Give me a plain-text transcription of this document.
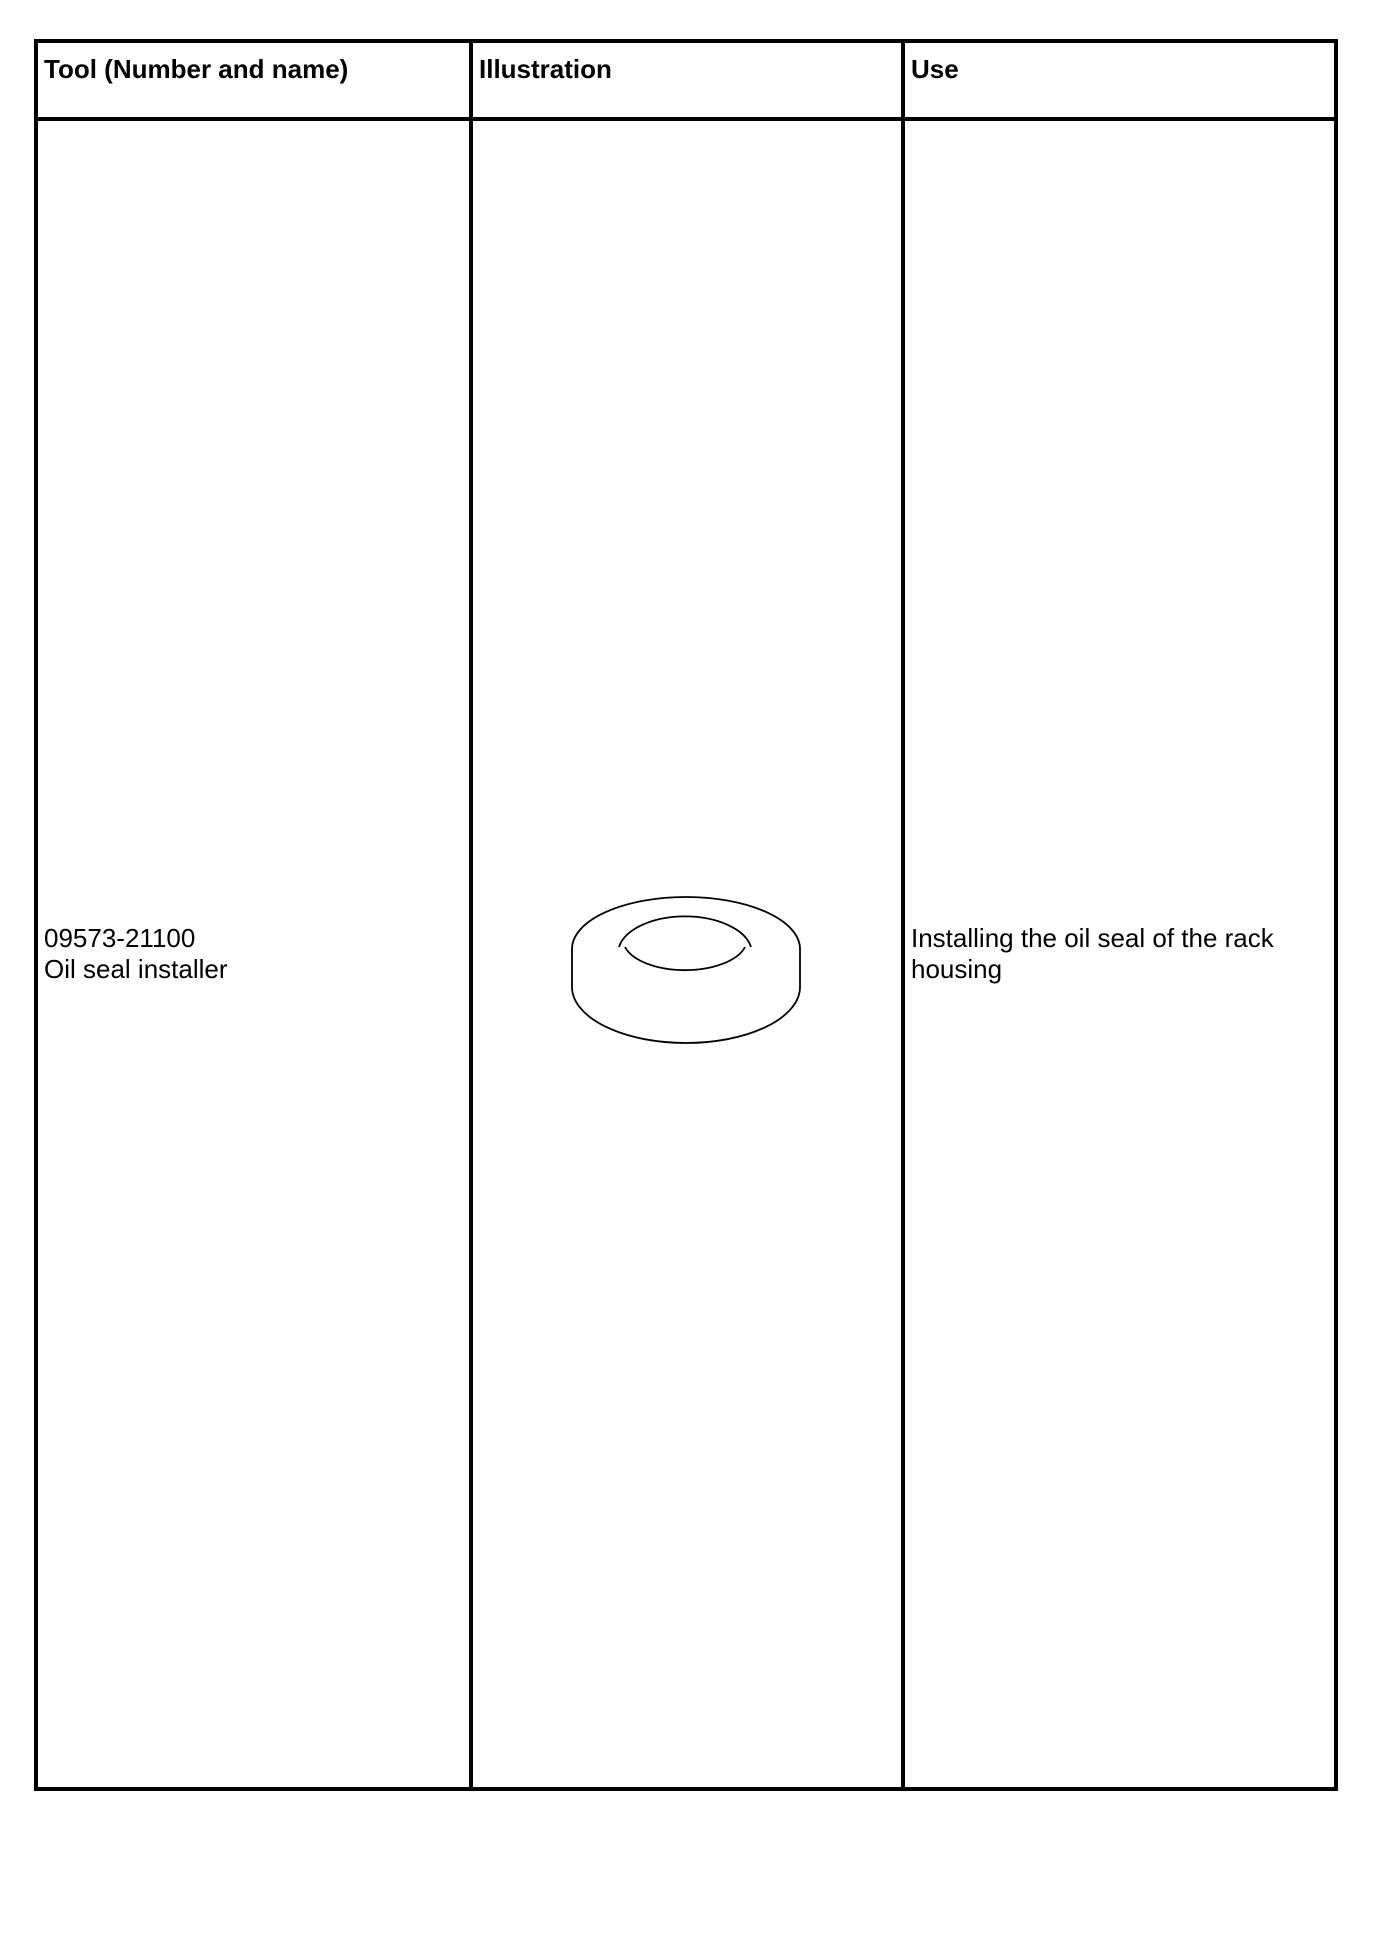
Tool (Number and name)	Illustration	Use
09573-21100
Oil seal installer
Installing the oil seal of the rack housing
